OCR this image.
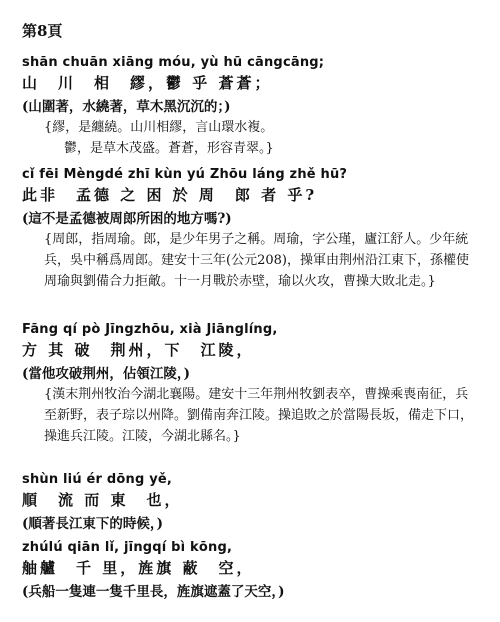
第8頁
shān chuān xiāng móu, yù hū cāngcāng;
山　川　相　繆，鬱 乎 蒼蒼；
(山圍著，水繞著，草木黑沉沉的；)

{繆，是纏繞。山川相繆，言山環水複。

鬱，是草木茂盛。蒼蒼，形容青翠。}

cǐ fēi Mèngdé zhī kùn yú Zhōu láng zhě hū?
此非　孟德 之 困 於 周　郎 者 乎?
(這不是孟德被周郎所困的地方嗎?)

{周郎，指周瑜。郎，是少年男子之稱。周瑜，字公瑾，廬江舒人。少年統兵，吳中稱爲周郎。建安十三年(公元208)，操軍由荆州沿江東下，孫權使周瑜與劉備合力拒敵。十一月戰於赤壁，瑜以火攻，曹操大敗北走。}

Fāng qí pò Jīngzhōu, xià Jiānglíng,
方 其 破　荆州，下　江陵，
(當他攻破荆州，佔領江陵，)

{漢末荆州牧治今湖北襄陽。建安十三年荆州牧劉表卒，曹操乘喪南征，兵至新野，表子琮以州降。劉備南奔江陵。操追敗之於當陽長坂，備走下口，操進兵江陵。江陵，今湖北縣名。}

shùn liú ér dōng yě,
順　流 而 東　也，
(順著長江東下的時候，)
zhúlú qiān lǐ, jīngqí bì kōng,
舳艫　千 里，旌旗 蔽　空，
(兵船一隻連一隻千里長，旌旗遮蓋了天空，)
